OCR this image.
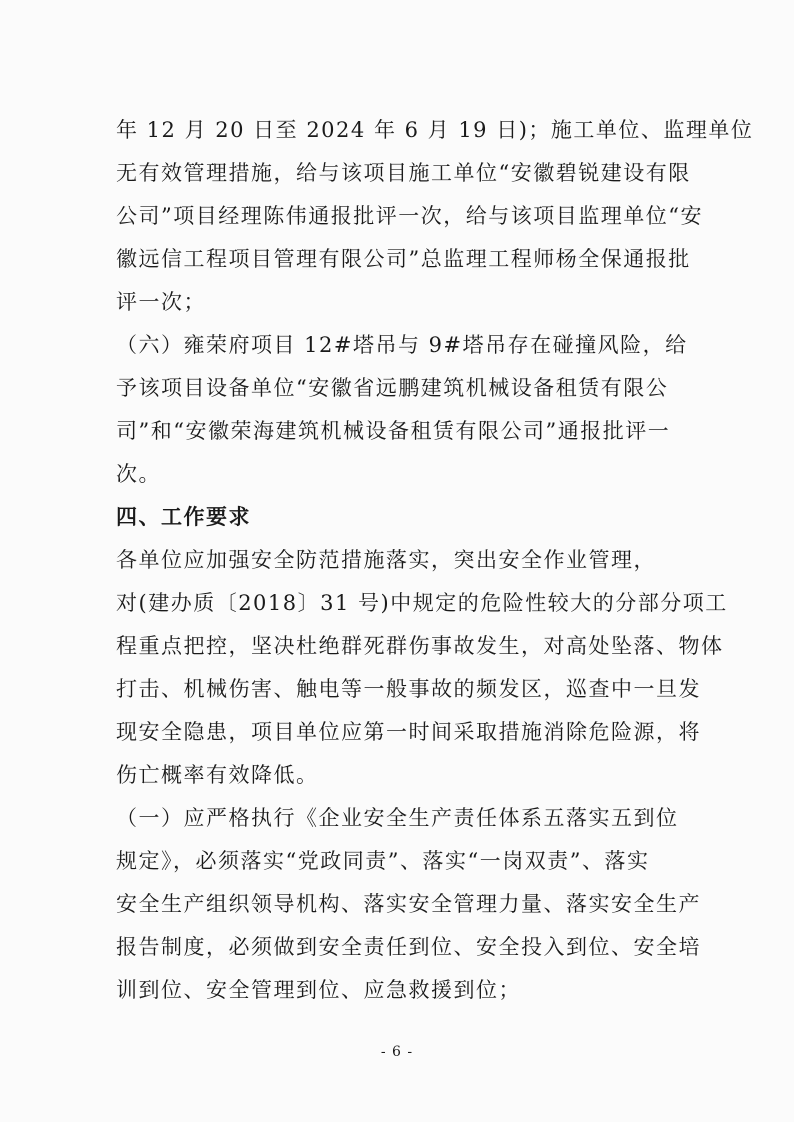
年 12 月 20 日至 2024 年 6 月 19 日)；施工单位、监理单位
无有效管理措施，给与该项目施工单位“安徽碧锐建设有限
公司”项目经理陈伟通报批评一次，给与该项目监理单位“安
徽远信工程项目管理有限公司”总监理工程师杨全保通报批
评一次；
（六）雍荣府项目 12#塔吊与 9#塔吊存在碰撞风险，给
予该项目设备单位“安徽省远鹏建筑机械设备租赁有限公
司”和“安徽荣海建筑机械设备租赁有限公司”通报批评一
次。
四、工作要求
各单位应加强安全防范措施落实，突出安全作业管理，
对(建办质〔2018〕31 号)中规定的危险性较大的分部分项工
程重点把控，坚决杜绝群死群伤事故发生，对高处坠落、物体
打击、机械伤害、触电等一般事故的频发区，巡查中一旦发
现安全隐患，项目单位应第一时间采取措施消除危险源，将
伤亡概率有效降低。
（一）应严格执行《企业安全生产责任体系五落实五到位
规定》，必须落实“党政同责”、落实“一岗双责”、落实
安全生产组织领导机构、落实安全管理力量、落实安全生产
报告制度，必须做到安全责任到位、安全投入到位、安全培
训到位、安全管理到位、应急救援到位；
- 6 -
